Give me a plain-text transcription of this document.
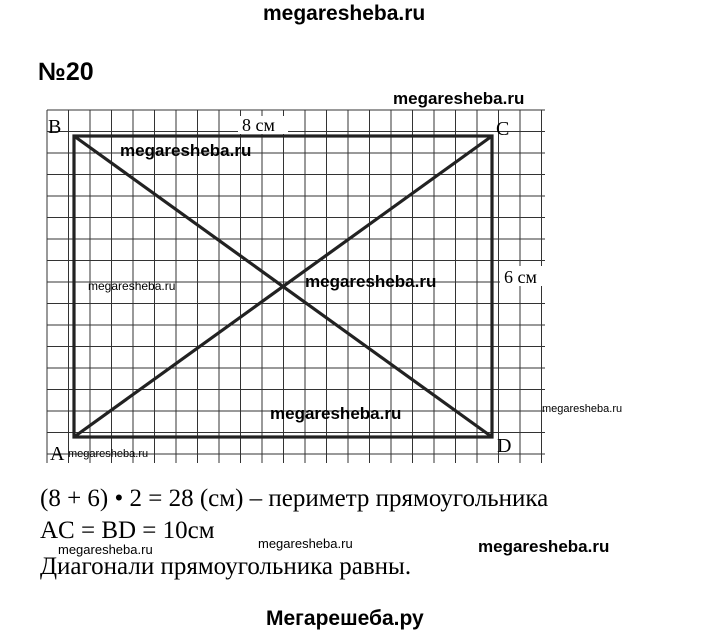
megaresheba.ru
№20
B	C
A	D
8 см
6 см
megaresheba.ru
megaresheba.ru
megaresheba.ru	megaresheba.ru
megaresheba.ru	megaresheba.ru
megaresheba.ru
(8 + 6) • 2 = 28 (см) – периметр прямоугольника
AC = BD = 10см
Диагонали прямоугольника равны.
megaresheba.ru	megaresheba.ru	megaresheba.ru
Мегарешеба.ру
